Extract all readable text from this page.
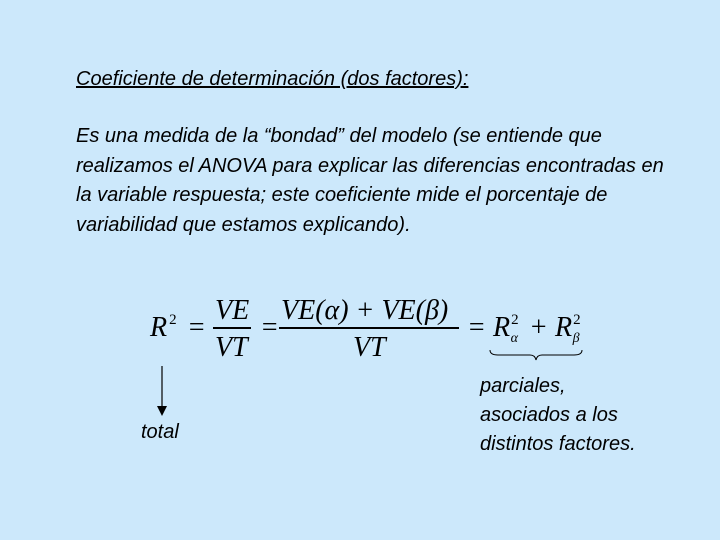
Coeficiente de determinación (dos factores):
Es una medida de la “bondad” del modelo (se entiende que realizamos el ANOVA para explicar las diferencias encontradas en la variable respuesta; este coeficiente mide el porcentaje de variabilidad que estamos explicando).
R $^2$ =
VE
VT
=
VE(α) + VE(β)
VT
= $R^2_\alpha + R^2_\beta$
total
parciales, asociados a los distintos factores.
